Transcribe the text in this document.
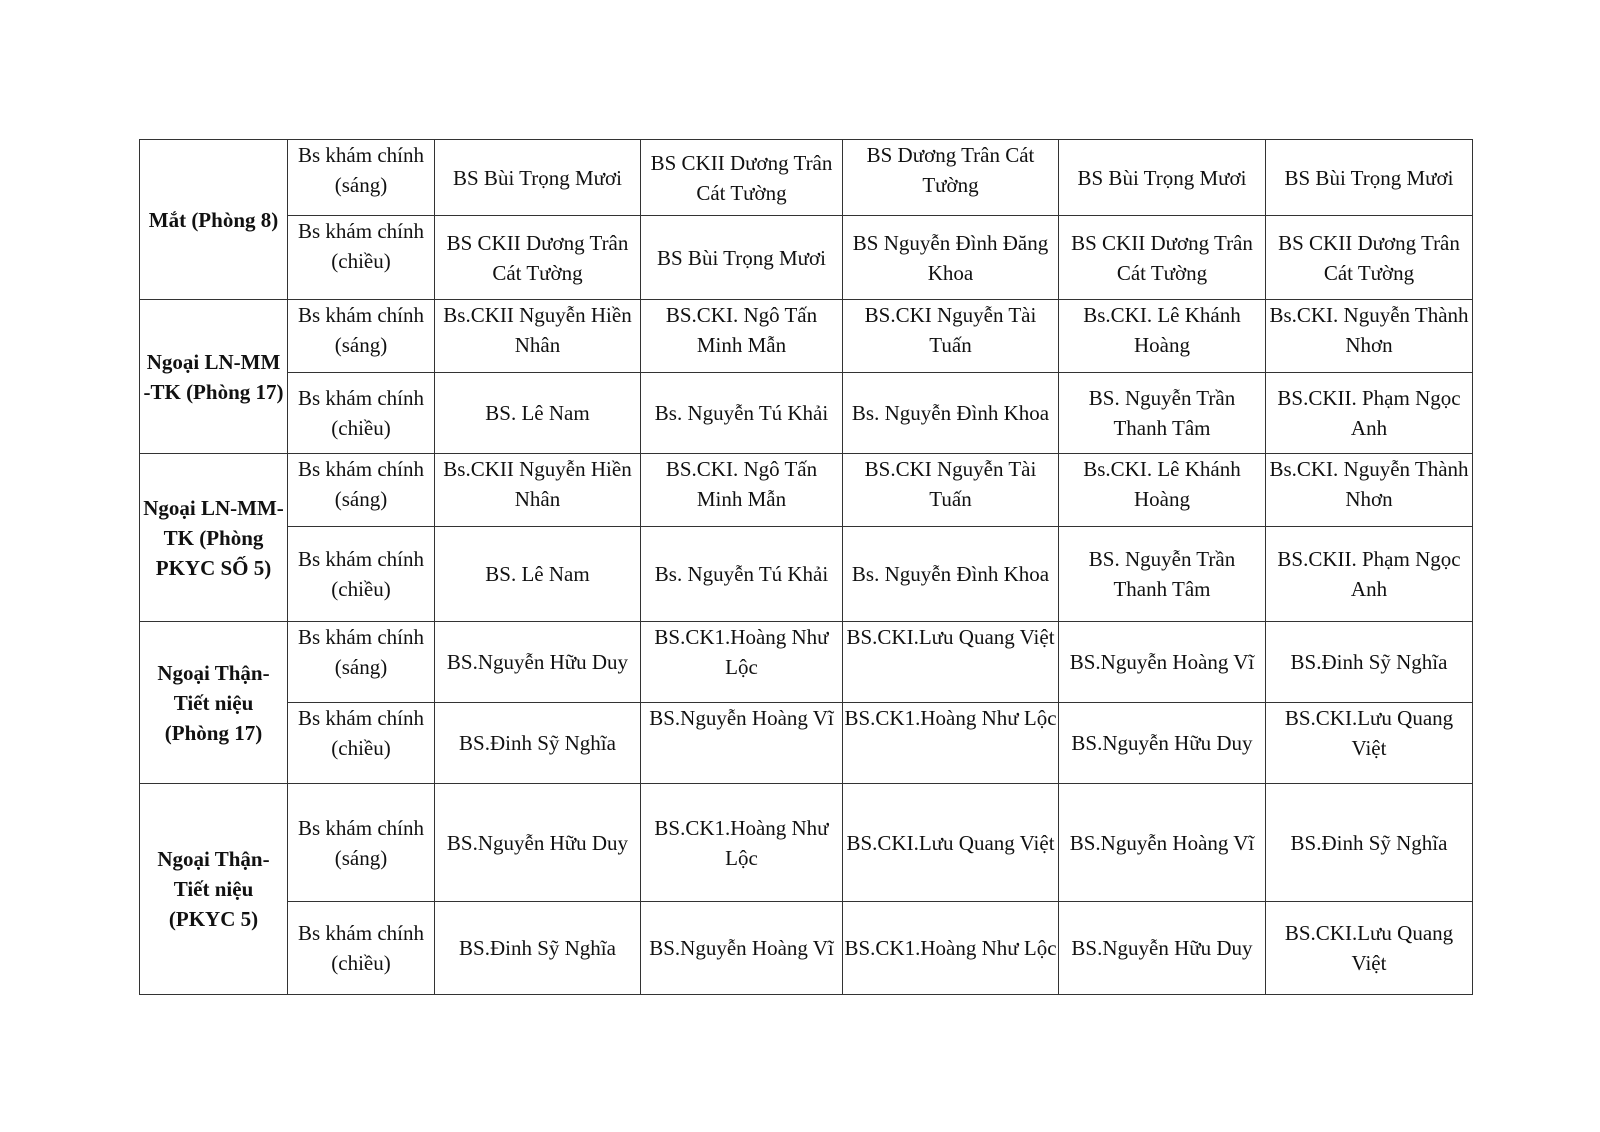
Mắt (Phòng 8)	Bs khám chính (sáng)	BS Bùi Trọng Mươi	BS CKII Dương Trân Cát Tường	BS Dương Trân Cát Tường	BS Bùi Trọng Mươi	BS Bùi Trọng Mươi
	Bs khám chính (chiều)	BS CKII Dương Trân Cát Tường	BS Bùi Trọng Mươi	BS Nguyễn Đình Đăng Khoa	BS CKII Dương Trân Cát Tường	BS CKII Dương Trân Cát Tường
Ngoại LN-MM -TK (Phòng 17)	Bs khám chính (sáng)	Bs.CKII Nguyễn Hiền Nhân	BS.CKI. Ngô Tấn Minh Mẫn	BS.CKI Nguyễn Tài Tuấn	Bs.CKI. Lê Khánh Hoàng	Bs.CKI. Nguyễn Thành Nhơn
	Bs khám chính (chiều)	BS. Lê Nam	Bs. Nguyễn Tú Khải	Bs. Nguyễn Đình Khoa	BS. Nguyễn Trần Thanh Tâm	BS.CKII. Phạm Ngọc Anh
Ngoại LN-MM- TK (Phòng PKYC SỐ 5)	Bs khám chính (sáng)	Bs.CKII Nguyễn Hiền Nhân	BS.CKI. Ngô Tấn Minh Mẫn	BS.CKI Nguyễn Tài Tuấn	Bs.CKI. Lê Khánh Hoàng	Bs.CKI. Nguyễn Thành Nhơn
	Bs khám chính (chiều)	BS. Lê Nam	Bs. Nguyễn Tú Khải	Bs. Nguyễn Đình Khoa	BS. Nguyễn Trần Thanh Tâm	BS.CKII. Phạm Ngọc Anh
Ngoại Thận-Tiết niệu (Phòng 17)	Bs khám chính (sáng)	BS.Nguyễn Hữu Duy	BS.CK1.Hoàng Như Lộc	BS.CKI.Lưu Quang Việt	BS.Nguyễn Hoàng Vĩ	BS.Đinh Sỹ Nghĩa
	Bs khám chính (chiều)	BS.Đinh Sỹ Nghĩa	BS.Nguyễn Hoàng Vĩ	BS.CK1.Hoàng Như Lộc	BS.Nguyễn Hữu Duy	BS.CKI.Lưu Quang Việt
Ngoại Thận-Tiết niệu (PKYC 5)	Bs khám chính (sáng)	BS.Nguyễn Hữu Duy	BS.CK1.Hoàng Như Lộc	BS.CKI.Lưu Quang Việt	BS.Nguyễn Hoàng Vĩ	BS.Đinh Sỹ Nghĩa
	Bs khám chính (chiều)	BS.Đinh Sỹ Nghĩa	BS.Nguyễn Hoàng Vĩ	BS.CK1.Hoàng Như Lộc	BS.Nguyễn Hữu Duy	BS.CKI.Lưu Quang Việt
